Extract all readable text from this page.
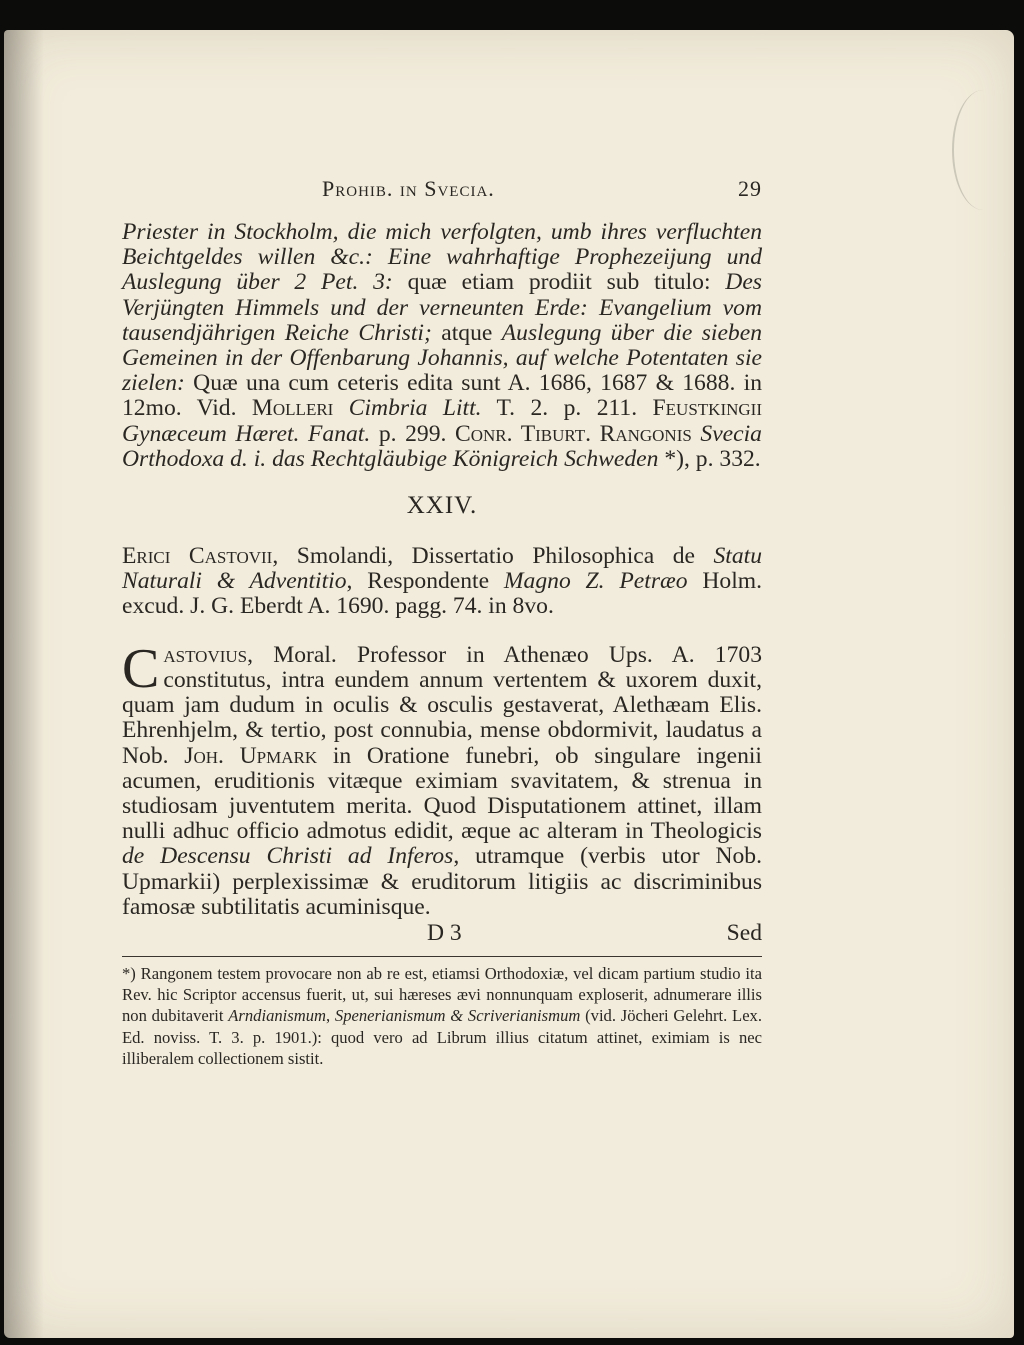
Prohib. in Svecia.	29

Priester in Stockholm, die mich verfolgten, umb ihres verfluchten Beichtgeldes willen &c.: Eine wahrhaftige Prophezeijung und Auslegung über 2 Pet. 3: quæ etiam prodiit sub titulo: Des Verjüngten Himmels und der verneunten Erde: Evangelium vom tausendjährigen Reiche Christi; atque Auslegung über die sieben Gemeinen in der Offenbarung Johannis, auf welche Potentaten sie zielen: Quæ una cum ceteris edita sunt A. 1686, 1687 & 1688. in 12mo. Vid. Molleri Cimbria Litt. T. 2. p. 211. Feustkingii Gynæceum Hæret. Fanat. p. 299. Conr. Tiburt. Rangonis Svecia Orthodoxa d. i. das Rechtgläubige Königreich Schweden *), p. 332.

XXIV.

Erici Castovii, Smolandi, Dissertatio Philosophica de Statu Naturali & Adventitio, Respondente Magno Z. Petræo Holm. excud. J. G. Eberdt A. 1690. pagg. 74. in 8vo.

Castovius, Moral. Professor in Athenæo Ups. A. 1703 constitutus, intra eundem annum vertentem & uxorem duxit, quam jam dudum in oculis & osculis gestaverat, Alethæam Elis. Ehrenhjelm, & tertio, post connubia, mense obdormivit, laudatus a Nob. Joh. Upmark in Oratione funebri, ob singulare ingenii acumen, eruditionis vitæque eximiam svavitatem, & strenua in studiosam juventutem merita. Quod Disputationem attinet, illam nulli adhuc officio admotus edidit, æque ac alteram in Theologicis de Descensu Christi ad Inferos, utramque (verbis utor Nob. Upmarkii) perplexissimæ & eruditorum litigiis ac discriminibus famosæ subtilitatis acuminisque.

D 3	Sed

*) Rangonem testem provocare non ab re est, etiamsi Orthodoxiæ, vel dicam partium studio ita Rev. hic Scriptor accensus fuerit, ut, sui hæreses ævi nonnunquam exploserit, adnumerare illis non dubitaverit Arndianismum, Spenerianismum & Scriverianismum (vid. Jöcheri Gelehrt. Lex. Ed. noviss. T. 3. p. 1901.): quod vero ad Librum illius citatum attinet, eximiam is nec illiberalem collectionem sistit.
